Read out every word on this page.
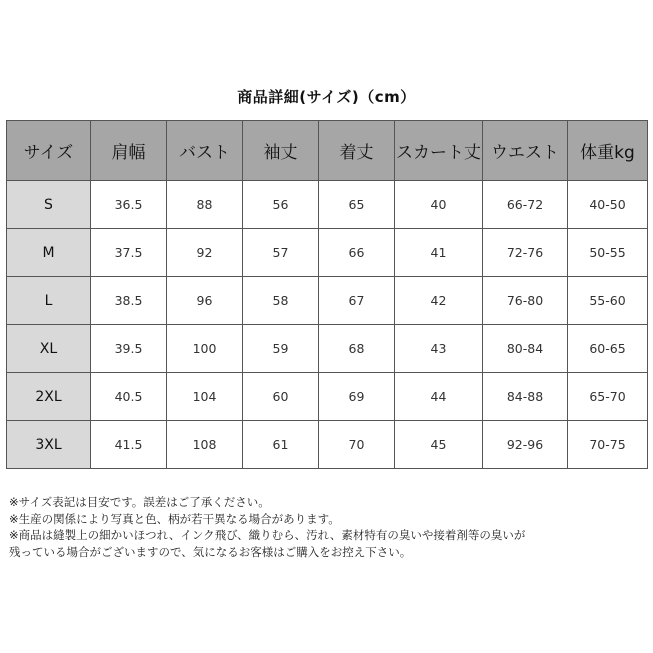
商品詳細(サイズ)（cm）
サイズ	肩幅	バスト	袖丈	着丈	スカート丈	ウエスト	体重kg
S	36.5	88	56	65	40	66-72	40-50
M	37.5	92	57	66	41	72-76	50-55
L	38.5	96	58	67	42	76-80	55-60
XL	39.5	100	59	68	43	80-84	60-65
2XL	40.5	104	60	69	44	84-88	65-70
3XL	41.5	108	61	70	45	92-96	70-75
※サイズ表記は目安です。誤差はご了承ください。
※生産の関係により写真と色、柄が若干異なる場合があります。
※商品は縫製上の細かいほつれ、インク飛び、織りむら、汚れ、素材特有の臭いや接着剤等の臭いが
残っている場合がございますので、気になるお客様はご購入をお控え下さい。
